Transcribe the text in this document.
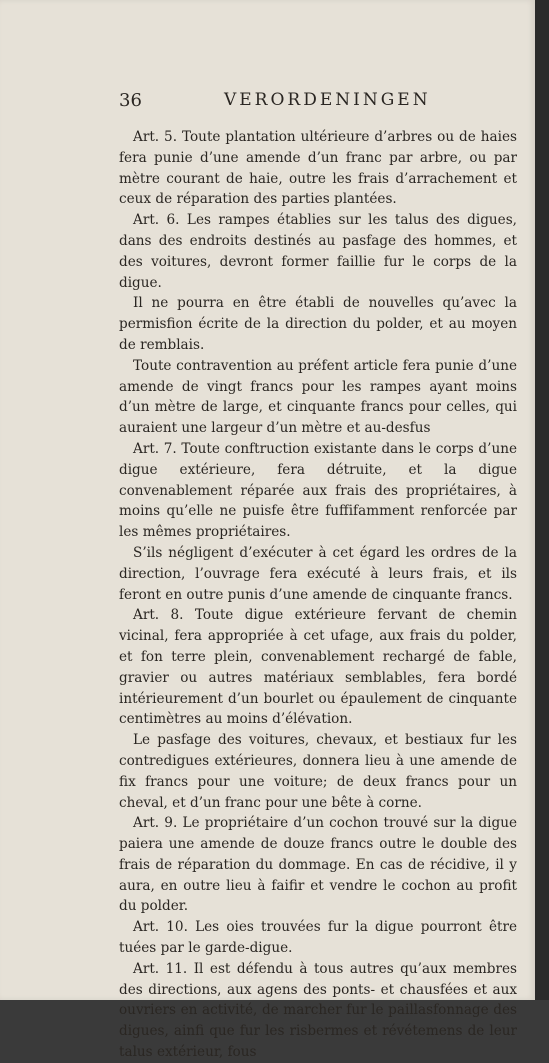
36	VERORDENINGEN

Art. 5. Toute plantation ultérieure d’arbres ou de haies fera punie d’une amende d’un franc par arbre, ou par mètre courant de haie, outre les frais d’arrachement et ceux de réparation des parties plantées.

Art. 6. Les rampes établies sur les talus des digues, dans des endroits destinés au pasfage des hommes, et des voitures, devront former faillie fur le corps de la digue.

Il ne pourra en être établi de nouvelles qu’avec la permisfion écrite de la direction du polder, et au moyen de remblais.

Toute contravention au préfent article fera punie d’une amende de vingt francs pour les rampes ayant moins d’un mètre de large, et cinquante francs pour celles, qui auraient une largeur d’un mètre et au-desfus

Art. 7. Toute conftruction existante dans le corps d’une digue extérieure, fera détruite, et la digue convenablement réparée aux frais des propriétaires, à moins qu’elle ne puisfe être fuffifamment renforcée par les mêmes propriétaires.

S’ils négligent d’exécuter à cet égard les ordres de la direction, l’ouvrage fera exécuté à leurs frais, et ils feront en outre punis d’une amende de cinquante francs.

Art. 8. Toute digue extérieure fervant de chemin vicinal, fera appropriée à cet ufage, aux frais du polder, et fon terre plein, convenablement rechargé de fable, gravier ou autres matériaux semblables, fera bordé intérieurement d’un bourlet ou épaulement de cinquante centimètres au moins d’élévation.

Le pasfage des voitures, chevaux, et bestiaux fur les contredigues extérieures, donnera lieu à une amende de fix francs pour une voiture; de deux francs pour un cheval, et d’un franc pour une bête à corne.

Art. 9. Le propriétaire d’un cochon trouvé sur la digue paiera une amende de douze francs outre le double des frais de réparation du dommage. En cas de récidive, il y aura, en outre lieu à faifir et vendre le cochon au profit du polder.

Art. 10. Les oies trouvées fur la digue pourront être tuées par le garde-digue.

Art. 11. Il est défendu à tous autres qu’aux membres des directions, aux agens des ponts- et chausfées et aux ouvriers en activité, de marcher fur le paillasfonnage des digues, ainfi que fur les risbermes et révétemens de leur talus extérieur, fous
